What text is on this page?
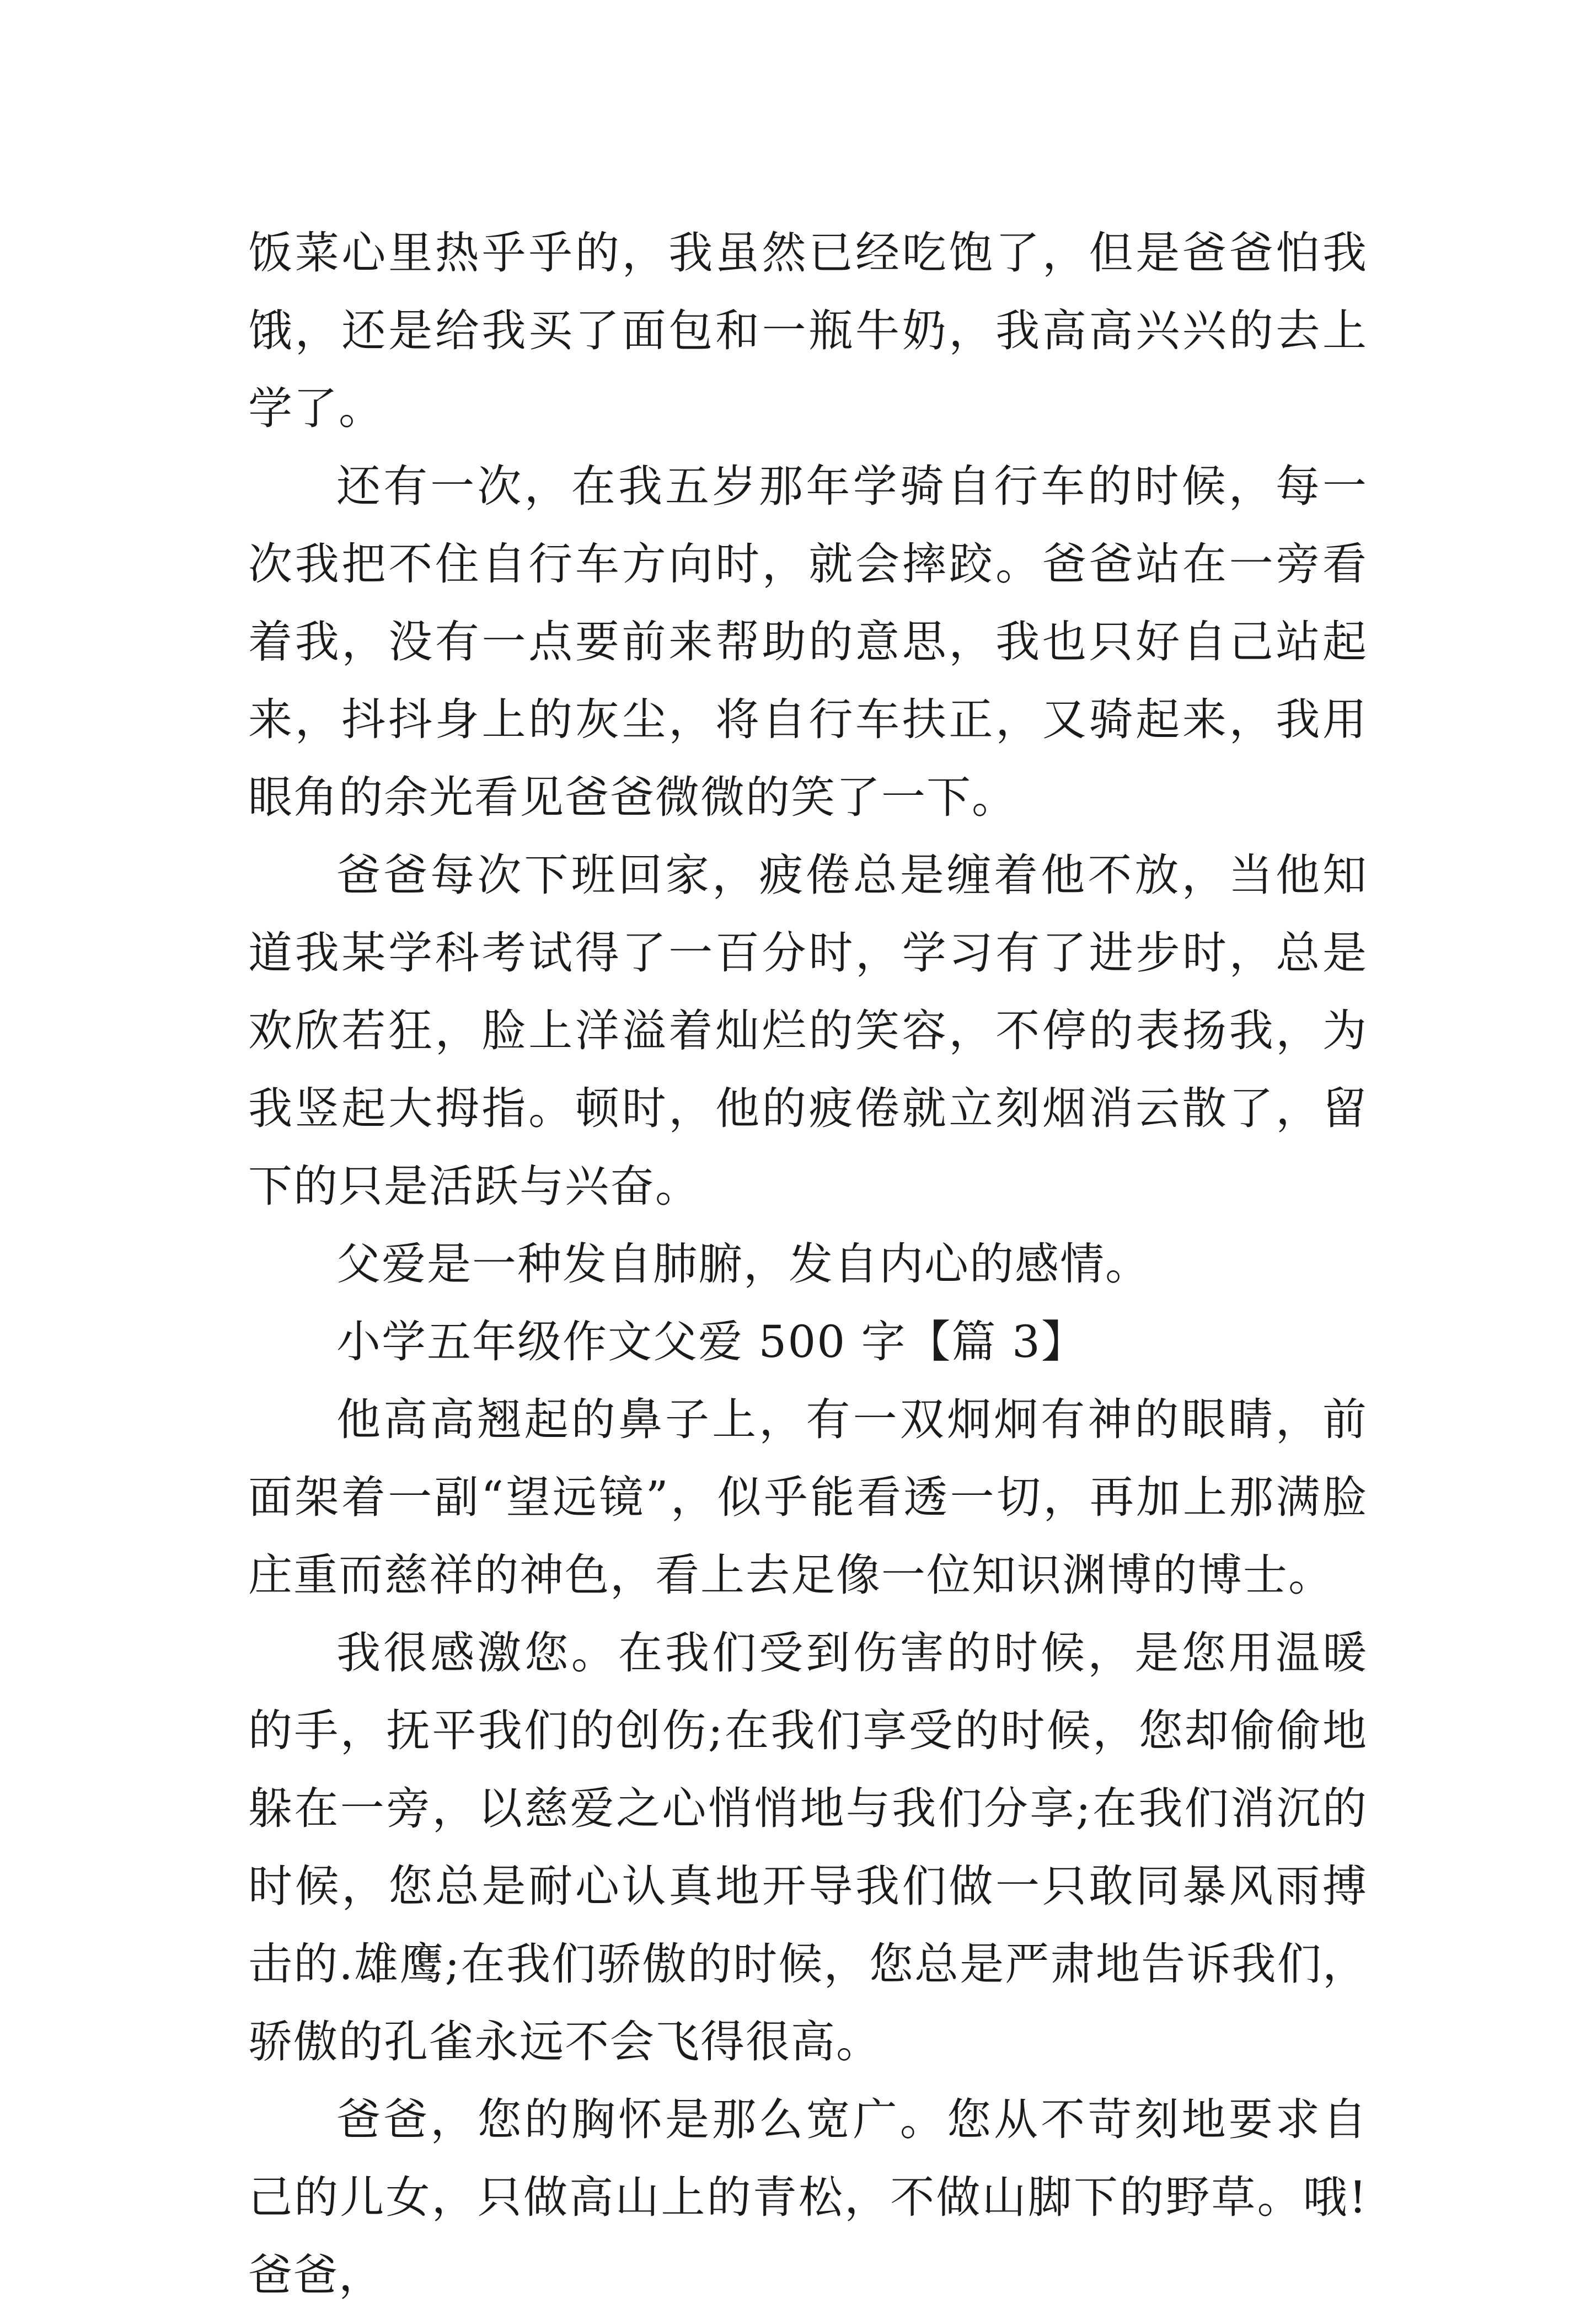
饭菜心里热乎乎的，我虽然已经吃饱了，但是爸爸怕我饿，还是给我买了面包和一瓶牛奶，我高高兴兴的去上学了。

还有一次，在我五岁那年学骑自行车的时候，每一次我把不住自行车方向时，就会摔跤。爸爸站在一旁看着我，没有一点要前来帮助的意思，我也只好自己站起来，抖抖身上的灰尘，将自行车扶正，又骑起来，我用眼角的余光看见爸爸微微的笑了一下。

爸爸每次下班回家，疲倦总是缠着他不放，当他知道我某学科考试得了一百分时，学习有了进步时，总是欢欣若狂，脸上洋溢着灿烂的笑容，不停的表扬我，为我竖起大拇指。顿时，他的疲倦就立刻烟消云散了，留下的只是活跃与兴奋。

父爱是一种发自肺腑，发自内心的感情。

小学五年级作文父爱 500 字【篇 3】

他高高翘起的鼻子上，有一双炯炯有神的眼睛，前面架着一副“望远镜”，似乎能看透一切，再加上那满脸庄重而慈祥的神色，看上去足像一位知识渊博的博士。

我很感激您。在我们受到伤害的时候，是您用温暖的手，抚平我们的创伤;在我们享受的时候，您却偷偷地躲在一旁，以慈爱之心悄悄地与我们分享;在我们消沉的时候，您总是耐心认真地开导我们做一只敢同暴风雨搏击的.雄鹰;在我们骄傲的时候，您总是严肃地告诉我们，骄傲的孔雀永远不会飞得很高。

爸爸，您的胸怀是那么宽广。您从不苛刻地要求自己的儿女，只做高山上的青松，不做山脚下的野草。哦!爸爸，
